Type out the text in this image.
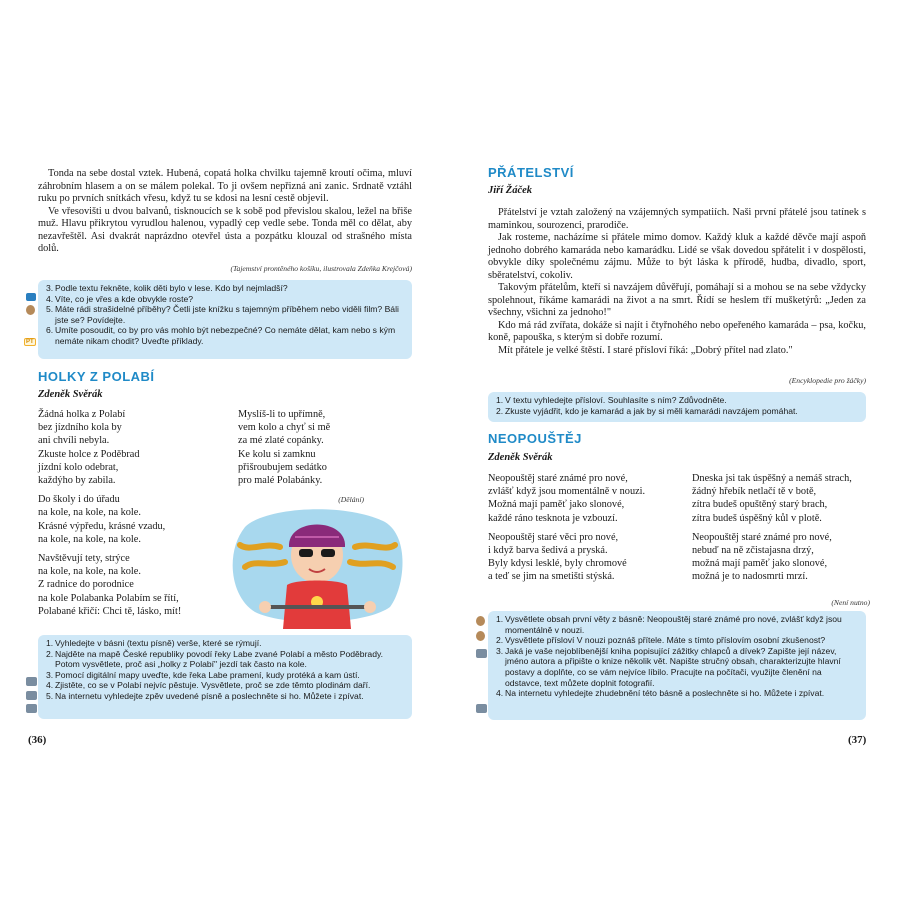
Tonda na sebe dostal vztek. Hubená, copatá holka chvilku tajemně kroutí očima, mluví záhrobním hlasem a on se málem polekal. To ji ovšem nepřizná ani zanic. Srdnatě vztáhl ruku po prvních snítkách vřesu, když tu se kdosi na lesní cestě objevil.

Ve vřesovišti u dvou balvanů, tisknoucích se k sobě pod převislou skalou, ležel na břiše muž. Hlavu přikrytou vyrudlou halenou, vypadlý cep vedle sebe. Tonda měl co dělat, aby nezavřeštěl. Asi dvakrát naprázdno otevřel ústa a pozpátku klouzal od strašného místa dolů.

(Tajemství prontěného košíku, ilustrovala Zdeňka Krejčová)
PT
3. Podle textu řekněte, kolik děti bylo v lese. Kdo byl nejmladší?
4. Víte, co je vřes a kde obvykle roste?
5. Máte rádi strašidelné příběhy? Četli jste knížku s tajemným příběhem nebo viděli film? Báli jste se? Povídejte.
6. Umíte posoudit, co by pro vás mohlo být nebezpečné? Co nemáte dělat, kam nebo s kým nemáte nikam chodit? Uveďte příklady.
HOLKY Z POLABÍ

Zdeněk Svěrák

Žádná holka z Polabí
bez jízdního kola by
ani chvíli nebyla.
Zkuste holce z Poděbrad
jízdní kolo odebrat,
každýho by zabila.
Do školy i do úřadu
na kole, na kole, na kole.
Krásné výpředu, krásné vzadu,
na kole, na kole, na kole.
Navštěvují tety, strýce
na kole, na kole, na kole.
Z radnice do porodnice
na kole Polabanka Polabím se řítí,
Polabané křičí: Chci tě, lásko, mít!
Myslíš-li to upřímně,
vem kolo a chyť si mě
za mé zlaté copánky.
Ke kolu si zamknu
přišroubujem sedátko
pro malé Polabánky.
(Dělání)
1. Vyhledejte v básni (textu písně) verše, které se rýmují.
2. Najděte na mapě České republiky povodí řeky Labe zvané Polabí a město Poděbrady. Potom vysvětlete, proč asi „holky z Polabí" jezdí tak často na kole.
3. Pomocí digitální mapy uveďte, kde řeka Labe pramení, kudy protéká a kam ústí.
4. Zjistěte, co se v Polabí nejvíc pěstuje. Vysvětlete, proč se zde těmto plodinám daří.
5. Na internetu vyhledejte zpěv uvedené písně a poslechněte si ho. Můžete i zpívat.
(36)
PŘÁTELSTVÍ

Jiří Žáček

Přátelství je vztah založený na vzájemných sympatiích. Naši první přátelé jsou tatínek s maminkou, sourozenci, prarodiče.

Jak rosteme, nacházíme si přátele mimo domov. Každý kluk a každé děvče mají aspoň jednoho dobrého kamaráda nebo kamarádku. Lidé se však dovedou spřátelit i v dospělosti, obvykle díky společnému zájmu. Může to být láska k přírodě, hudba, divadlo, sport, sběratelství, cokoliv.

Takovým přátelům, kteří si navzájem důvěřují, pomáhají si a mohou se na sebe vždycky spolehnout, říkáme kamarádi na život a na smrt. Řídí se heslem tří mušketýrů: „Jeden za všechny, všichni za jednoho!"

Kdo má rád zvířata, dokáže si najít i čtyřnohého nebo opeřeného kamaráda – psa, kočku, koně, papouška, s kterým si dobře rozumí.

Mít přátele je velké štěstí. I staré přísloví říká: „Dobrý přítel nad zlato."

(Encyklopedie pro žáčky)
1. V textu vyhledejte přísloví. Souhlasíte s ním? Zdůvodněte.
2. Zkuste vyjádřit, kdo je kamarád a jak by si měli kamarádi navzájem pomáhat.
NEOPOUŠTĚJ

Zdeněk Svěrák

Neopouštěj staré známé pro nové,
zvlášť když jsou momentálně v nouzi.
Možná mají paměť jako slonové,
každé ráno tesknota je vzbouzí.
Neopouštěj staré věci pro nové,
i když barva šedivá a pryská.
Byly kdysi lesklé, byly chromové
a teď se jim na smetišti stýská.
Dneska jsi tak úspěšný a nemáš strach,
žádný hřebík netlačí tě v botě,
zítra budeš opuštěný starý brach,
zítra budeš úspěšný kůl v plotě.
Neopouštěj staré známé pro nové,
nebuď na ně zčistajasna drzý,
možná mají paměť jako slonové,
možná je to nadosmrti mrzí.
(Není nutno)
1. Vysvětlete obsah první věty z básně: Neopouštěj staré známé pro nové, zvlášť když jsou momentálně v nouzi.
2. Vysvětlete přísloví V nouzi poznáš přítele. Máte s tímto příslovím osobní zkušenost?
3. Jaká je vaše nejoblíbenější kniha popisující zážitky chlapců a dívek? Zapište její název, jméno autora a připište o knize několik vět. Napište stručný obsah, charakterizujte hlavní postavy a doplňte, co se vám nejvíce líbilo. Pracujte na počítači, využijte členění na odstavce, text můžete doplnit fotografií.
4. Na internetu vyhledejte zhudebnění této básně a poslechněte si ho. Můžete i zpívat.
(37)
